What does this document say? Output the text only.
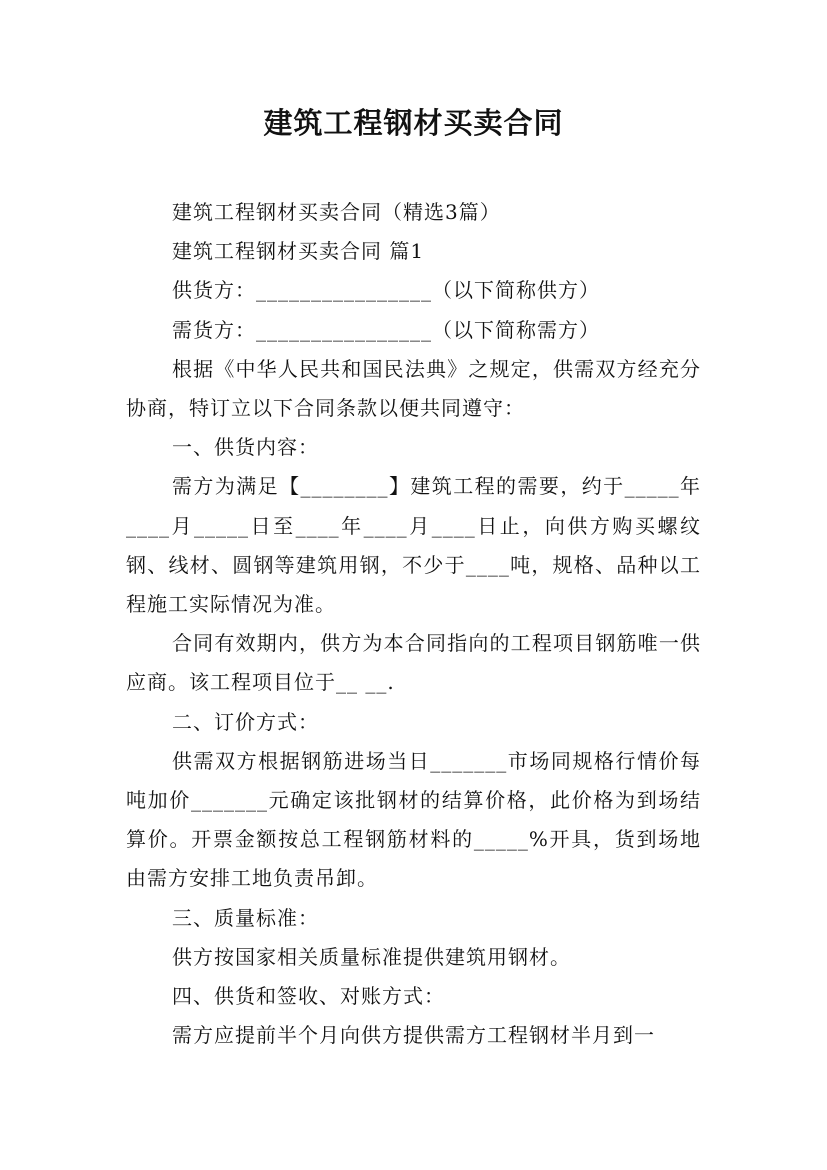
建筑工程钢材买卖合同

建筑工程钢材买卖合同（精选3篇）

建筑工程钢材买卖合同 篇1

供货方：________________（以下简称供方）

需货方：________________（以下简称需方）

根据《中华人民共和国民法典》之规定，供需双方经充分协商，特订立以下合同条款以便共同遵守：

一、供货内容：

需方为满足【________】建筑工程的需要，约于_____年____月_____日至____年____月____日止，向供方购买螺纹钢、线材、圆钢等建筑用钢，不少于____吨，规格、品种以工程施工实际情况为准。

合同有效期内，供方为本合同指向的工程项目钢筋唯一供应商。该工程项目位于__ __.

二、订价方式：

供需双方根据钢筋进场当日_______市场同规格行情价每吨加价_______元确定该批钢材的结算价格，此价格为到场结算价。开票金额按总工程钢筋材料的_____%开具，货到场地由需方安排工地负责吊卸。

三、质量标准：

供方按国家相关质量标准提供建筑用钢材。

四、供货和签收、对账方式：

需方应提前半个月向供方提供需方工程钢材半月到一
